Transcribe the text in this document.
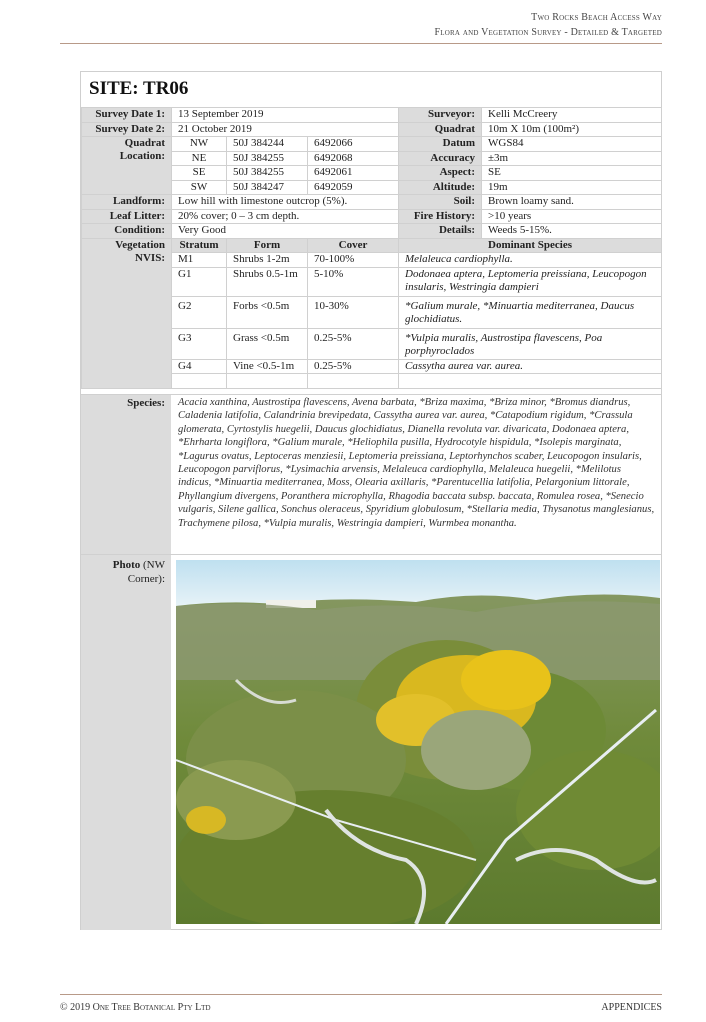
Two Rocks Beach Access Way
Flora and Vegetation Survey - Detailed & Targeted
SITE: TR06
Survey Date 1:	13 September 2019			Surveyor:	Kelli McCreery
Survey Date 2:	21 October 2019			Quadrat	10m X 10m (100m²)

Quadrat
Location:	NW	50J 384244	6492066	Datum	WGS84
	NE	50J 384255	6492068	Accuracy	±3m
	SE	50J 384255	6492061	Aspect:	SE
	SW	50J 384247	6492059	Altitude:	19m
Landform:	Low hill with limestone outcrop (5%).			Soil:	Brown loamy sand.
Leaf Litter:	20% cover; 0 – 3 cm depth.			Fire History:	>10 years
Condition:	Very Good			Details:	Weeds 5-15%.

Vegetation
NVIS:	Stratum	Form	Cover	Dominant Species	
	M1	Shrubs 1-2m	70-100%	Melaleuca cardiophylla.	
	G1	Shrubs 0.5-1m	5-10%	Dodonaea aptera, Leptomeria preissiana, Leucopogon insularis, Westringia dampieri	
	G2	Forbs <0.5m	10-30%	*Galium murale, *Minuartia mediterranea, Daucus glochidiatus.	
	G3	Grass <0.5m	0.25-5%	*Vulpia muralis, Austrostipa flavescens, Poa porphyroclados	
	G4	Vine <0.5-1m	0.25-5%	Cassytha aurea var. aurea.	

Species:	Acacia xanthina, Austrostipa flavescens, Avena barbata, *Briza maxima, *Briza minor, *Bromus diandrus, Caladenia latifolia, Calandrinia brevipedata, Cassytha aurea var. aurea, *Catapodium rigidum, *Crassula glomerata, Cyrtostylis huegelii, Daucus glochidiatus, Dianella revoluta var. divaricata, Dodonaea aptera, *Ehrharta longiflora, *Galium murale, *Heliophila pusilla, Hydrocotyle hispidula, *Isolepis marginata, *Lagurus ovatus, Leptoceras menziesii, Leptomeria preissiana, Leptorhynchos scaber, Leucopogon insularis, Leucopogon parviflorus, *Lysimachia arvensis, Melaleuca cardiophylla, Melaleuca huegelii, *Melilotus indicus, *Minuartia mediterranea, Moss, Olearia axillaris, *Parentucellia latifolia, Pelargonium littorale, Phyllangium divergens, Poranthera microphylla, Rhagodia baccata subsp. baccata, Romulea rosea, *Senecio vulgaris, Silene gallica, Sonchus oleraceus, Spyridium globulosum, *Stellaria media, Thysanotus manglesianus, Trachymene pilosa, *Vulpia muralis, Westringia dampieri, Wurmbea monantha.
Photo (NW Corner):
© 2019 One Tree Botanical Pty Ltd	APPENDICES
